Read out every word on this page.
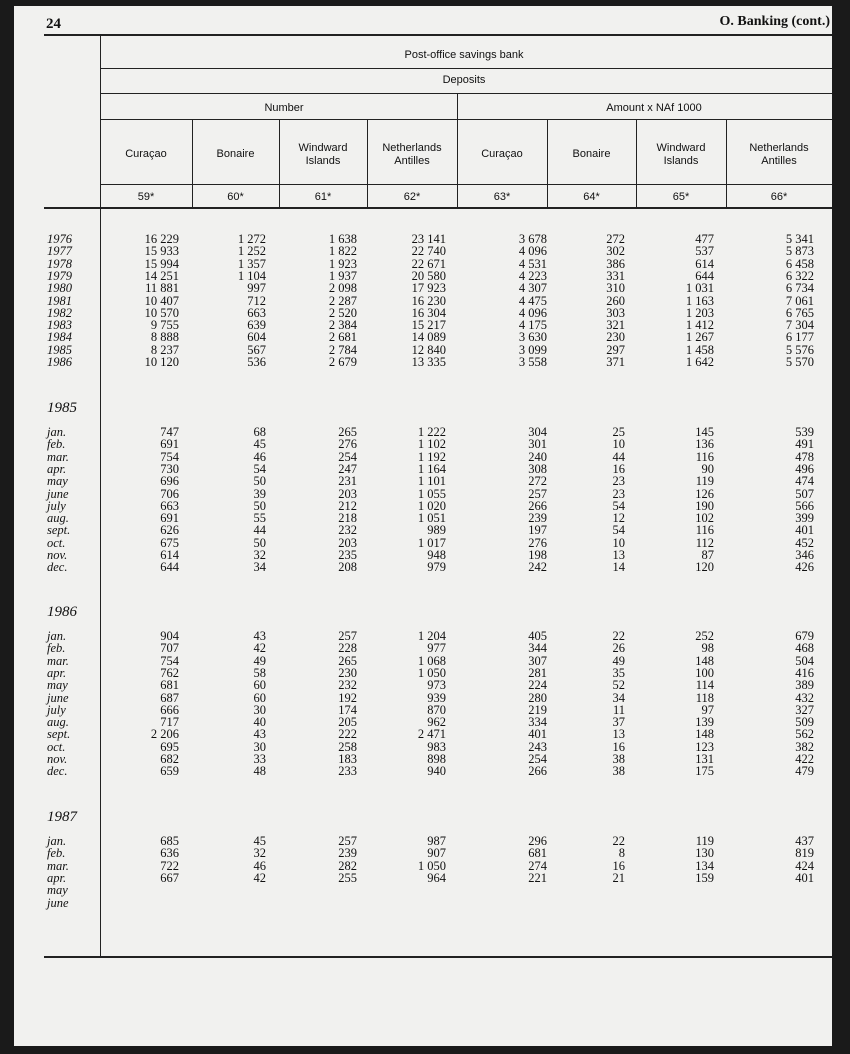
24	O. Banking (cont.)
Post-office savings bank
Deposits
Number	Amount x NAf 1000
Curaçao
59*
Bonaire
60*
Windward
Islands
61*
Netherlands
Antilles
62*
Curaçao
63*
Bonaire
64*
Windward
Islands
65*
Netherlands
Antilles
66*
1976	16 229	1 272	1 638	23 141	3 678	272	477	5 341
1977	15 933	1 252	1 822	22 740	4 096	302	537	5 873
1978	15 994	1 357	1 923	22 671	4 531	386	614	6 458
1979	14 251	1 104	1 937	20 580	4 223	331	644	6 322
1980	11 881	997	2 098	17 923	4 307	310	1 031	6 734
1981	10 407	712	2 287	16 230	4 475	260	1 163	7 061
1982	10 570	663	2 520	16 304	4 096	303	1 203	6 765
1983	9 755	639	2 384	15 217	4 175	321	1 412	7 304
1984	8 888	604	2 681	14 089	3 630	230	1 267	6 177
1985	8 237	567	2 784	12 840	3 099	297	1 458	5 576
1986	10 120	536	2 679	13 335	3 558	371	1 642	5 570
1985
jan.	747	68	265	1 222	304	25	145	539
feb.	691	45	276	1 102	301	10	136	491
mar.	754	46	254	1 192	240	44	116	478
apr.	730	54	247	1 164	308	16	90	496
may	696	50	231	1 101	272	23	119	474
june	706	39	203	1 055	257	23	126	507
july	663	50	212	1 020	266	54	190	566
aug.	691	55	218	1 051	239	12	102	399
sept.	626	44	232	989	197	54	116	401
oct.	675	50	203	1 017	276	10	112	452
nov.	614	32	235	948	198	13	87	346
dec.	644	34	208	979	242	14	120	426
1986
jan.	904	43	257	1 204	405	22	252	679
feb.	707	42	228	977	344	26	98	468
mar.	754	49	265	1 068	307	49	148	504
apr.	762	58	230	1 050	281	35	100	416
may	681	60	232	973	224	52	114	389
june	687	60	192	939	280	34	118	432
july	666	30	174	870	219	11	97	327
aug.	717	40	205	962	334	37	139	509
sept.	2 206	43	222	2 471	401	13	148	562
oct.	695	30	258	983	243	16	123	382
nov.	682	33	183	898	254	38	131	422
dec.	659	48	233	940	266	38	175	479
1987
jan.	685	45	257	987	296	22	119	437
feb.	636	32	239	907	681	8	130	819
mar.	722	46	282	1 050	274	16	134	424
apr.	667	42	255	964	221	21	159	401
may
june
